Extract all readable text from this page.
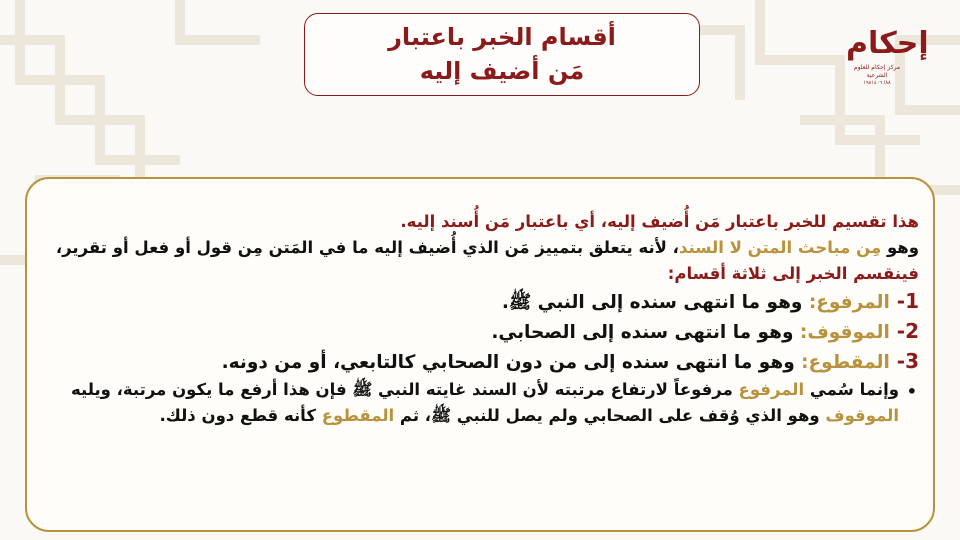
أقسام الخبر باعتبار
مَن أضيف إليه
إحكام
مركز إحكام للعلوم الشرعية
٨٨/ ١٩٨١٤٠٦
هذا تقسيم للخبر باعتبار مَن أُضيف إليه، أي باعتبار مَن أُسند إليه.
وهو مِن مباحث المتن لا السند، لأنه يتعلق بتمييز مَن الذي أُضيف إليه ما في المَتن مِن قول أو فعل أو تقرير، فينقسم الخبر إلى ثلاثة أقسام:
1- المرفوع: وهو ما انتهى سنده إلى النبي ﷺ.
2- الموقوف: وهو ما انتهى سنده إلى الصحابي.
3- المقطوع: وهو ما انتهى سنده إلى من دون الصحابي كالتابعي، أو من دونه.
•
وإنما سُمي المرفوع مرفوعاً لارتفاع مرتبته لأن السند غايته النبي ﷺ فإن هذا أرفع ما يكون مرتبة، ويليه الموقوف وهو الذي وُقف على الصحابي ولم يصل للنبي ﷺ، ثم المقطوع كأنه قطع دون ذلك.
